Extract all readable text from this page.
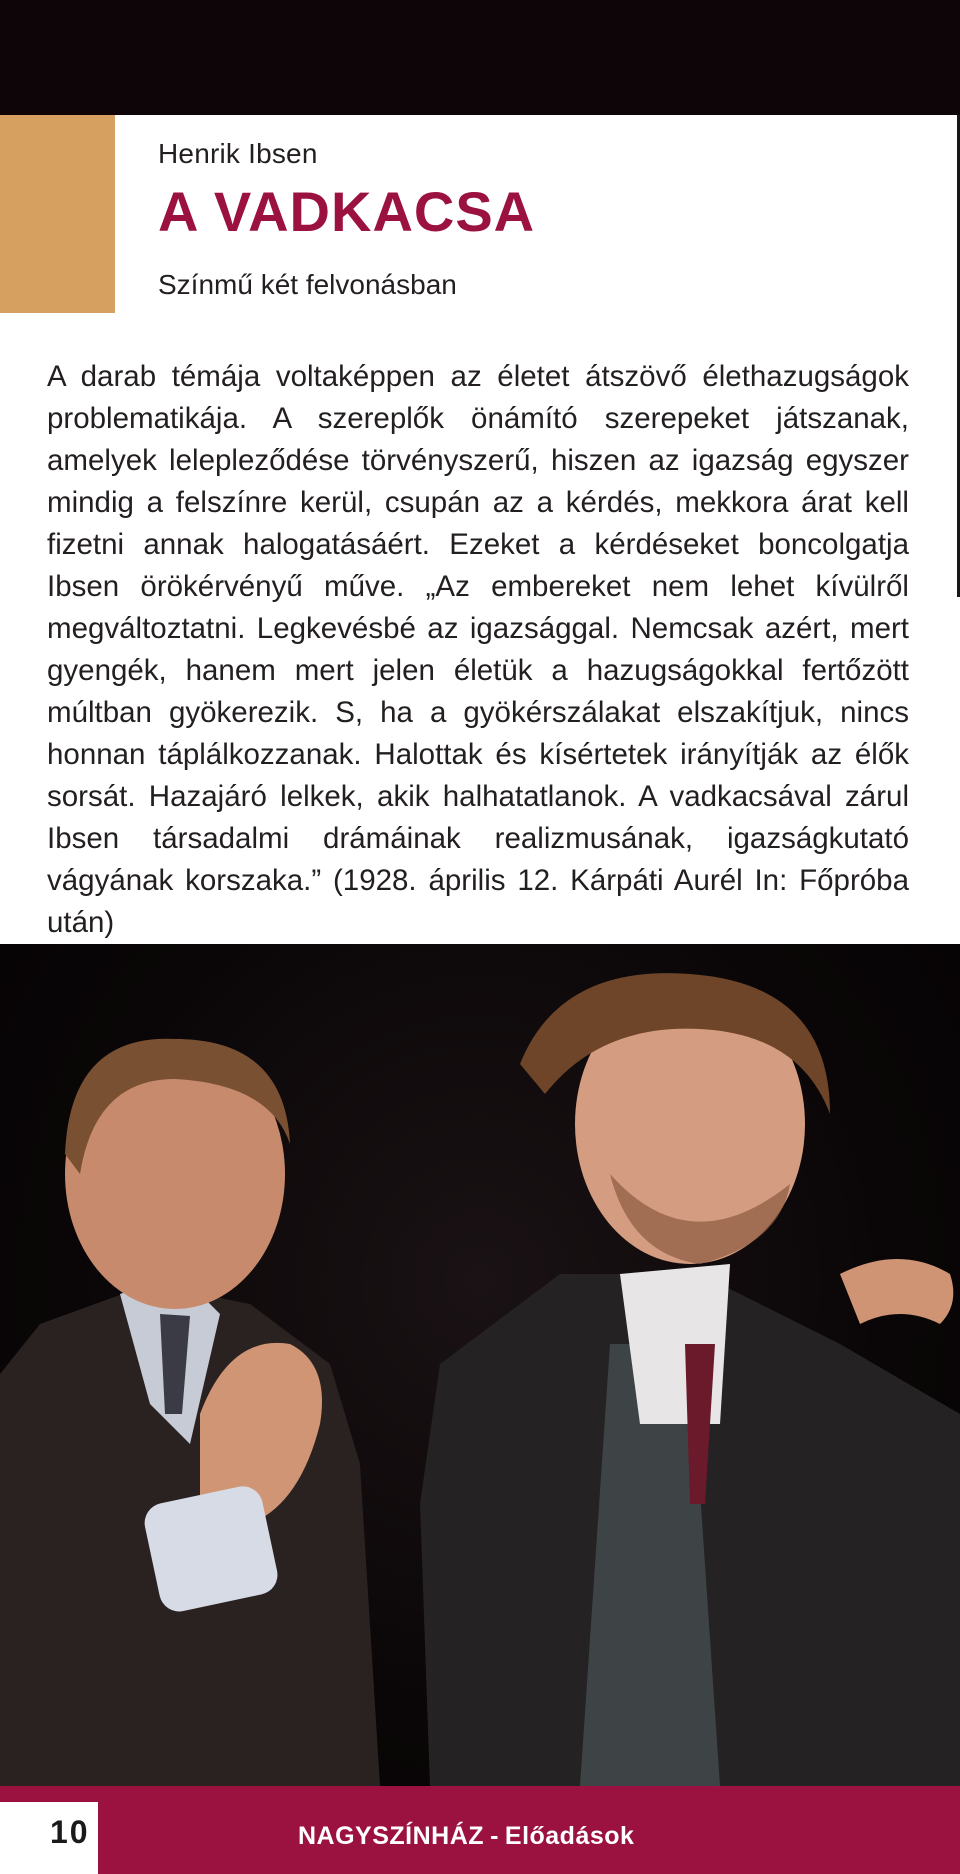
Henrik Ibsen
A VADKACSA
Színmű két felvonásban

A darab témája voltaképpen az életet átszövő élethazugságok problematikája. A szereplők önámító szerepeket játszanak, amelyek lelepleződése törvényszerű, hiszen az igazság egyszer mindig a felszínre kerül, csupán az a kérdés, mekkora árat kell fizetni annak halogatásáért. Ezeket a kérdéseket boncolgatja Ibsen örökérvényű műve. „Az embereket nem lehet kívülről megváltoztatni. Legkevésbé az igazsággal. Nemcsak azért, mert gyengék, hanem mert jelen életük a hazugságokkal fertőzött múltban gyökerezik. S, ha a gyökérszálakat elszakítjuk, nincs honnan táplálkozzanak. Halottak és kísértetek irányítják az élők sorsát. Hazajáró lelkek, akik halhatatlanok. A vadkacsával zárul Ibsen társadalmi drámáinak realizmusának, igazságkutató vágyának korszaka.” (1928. április 12. Kárpáti Aurél In: Főpróba után)

10	NAGYSZÍNHÁZ - Előadások
